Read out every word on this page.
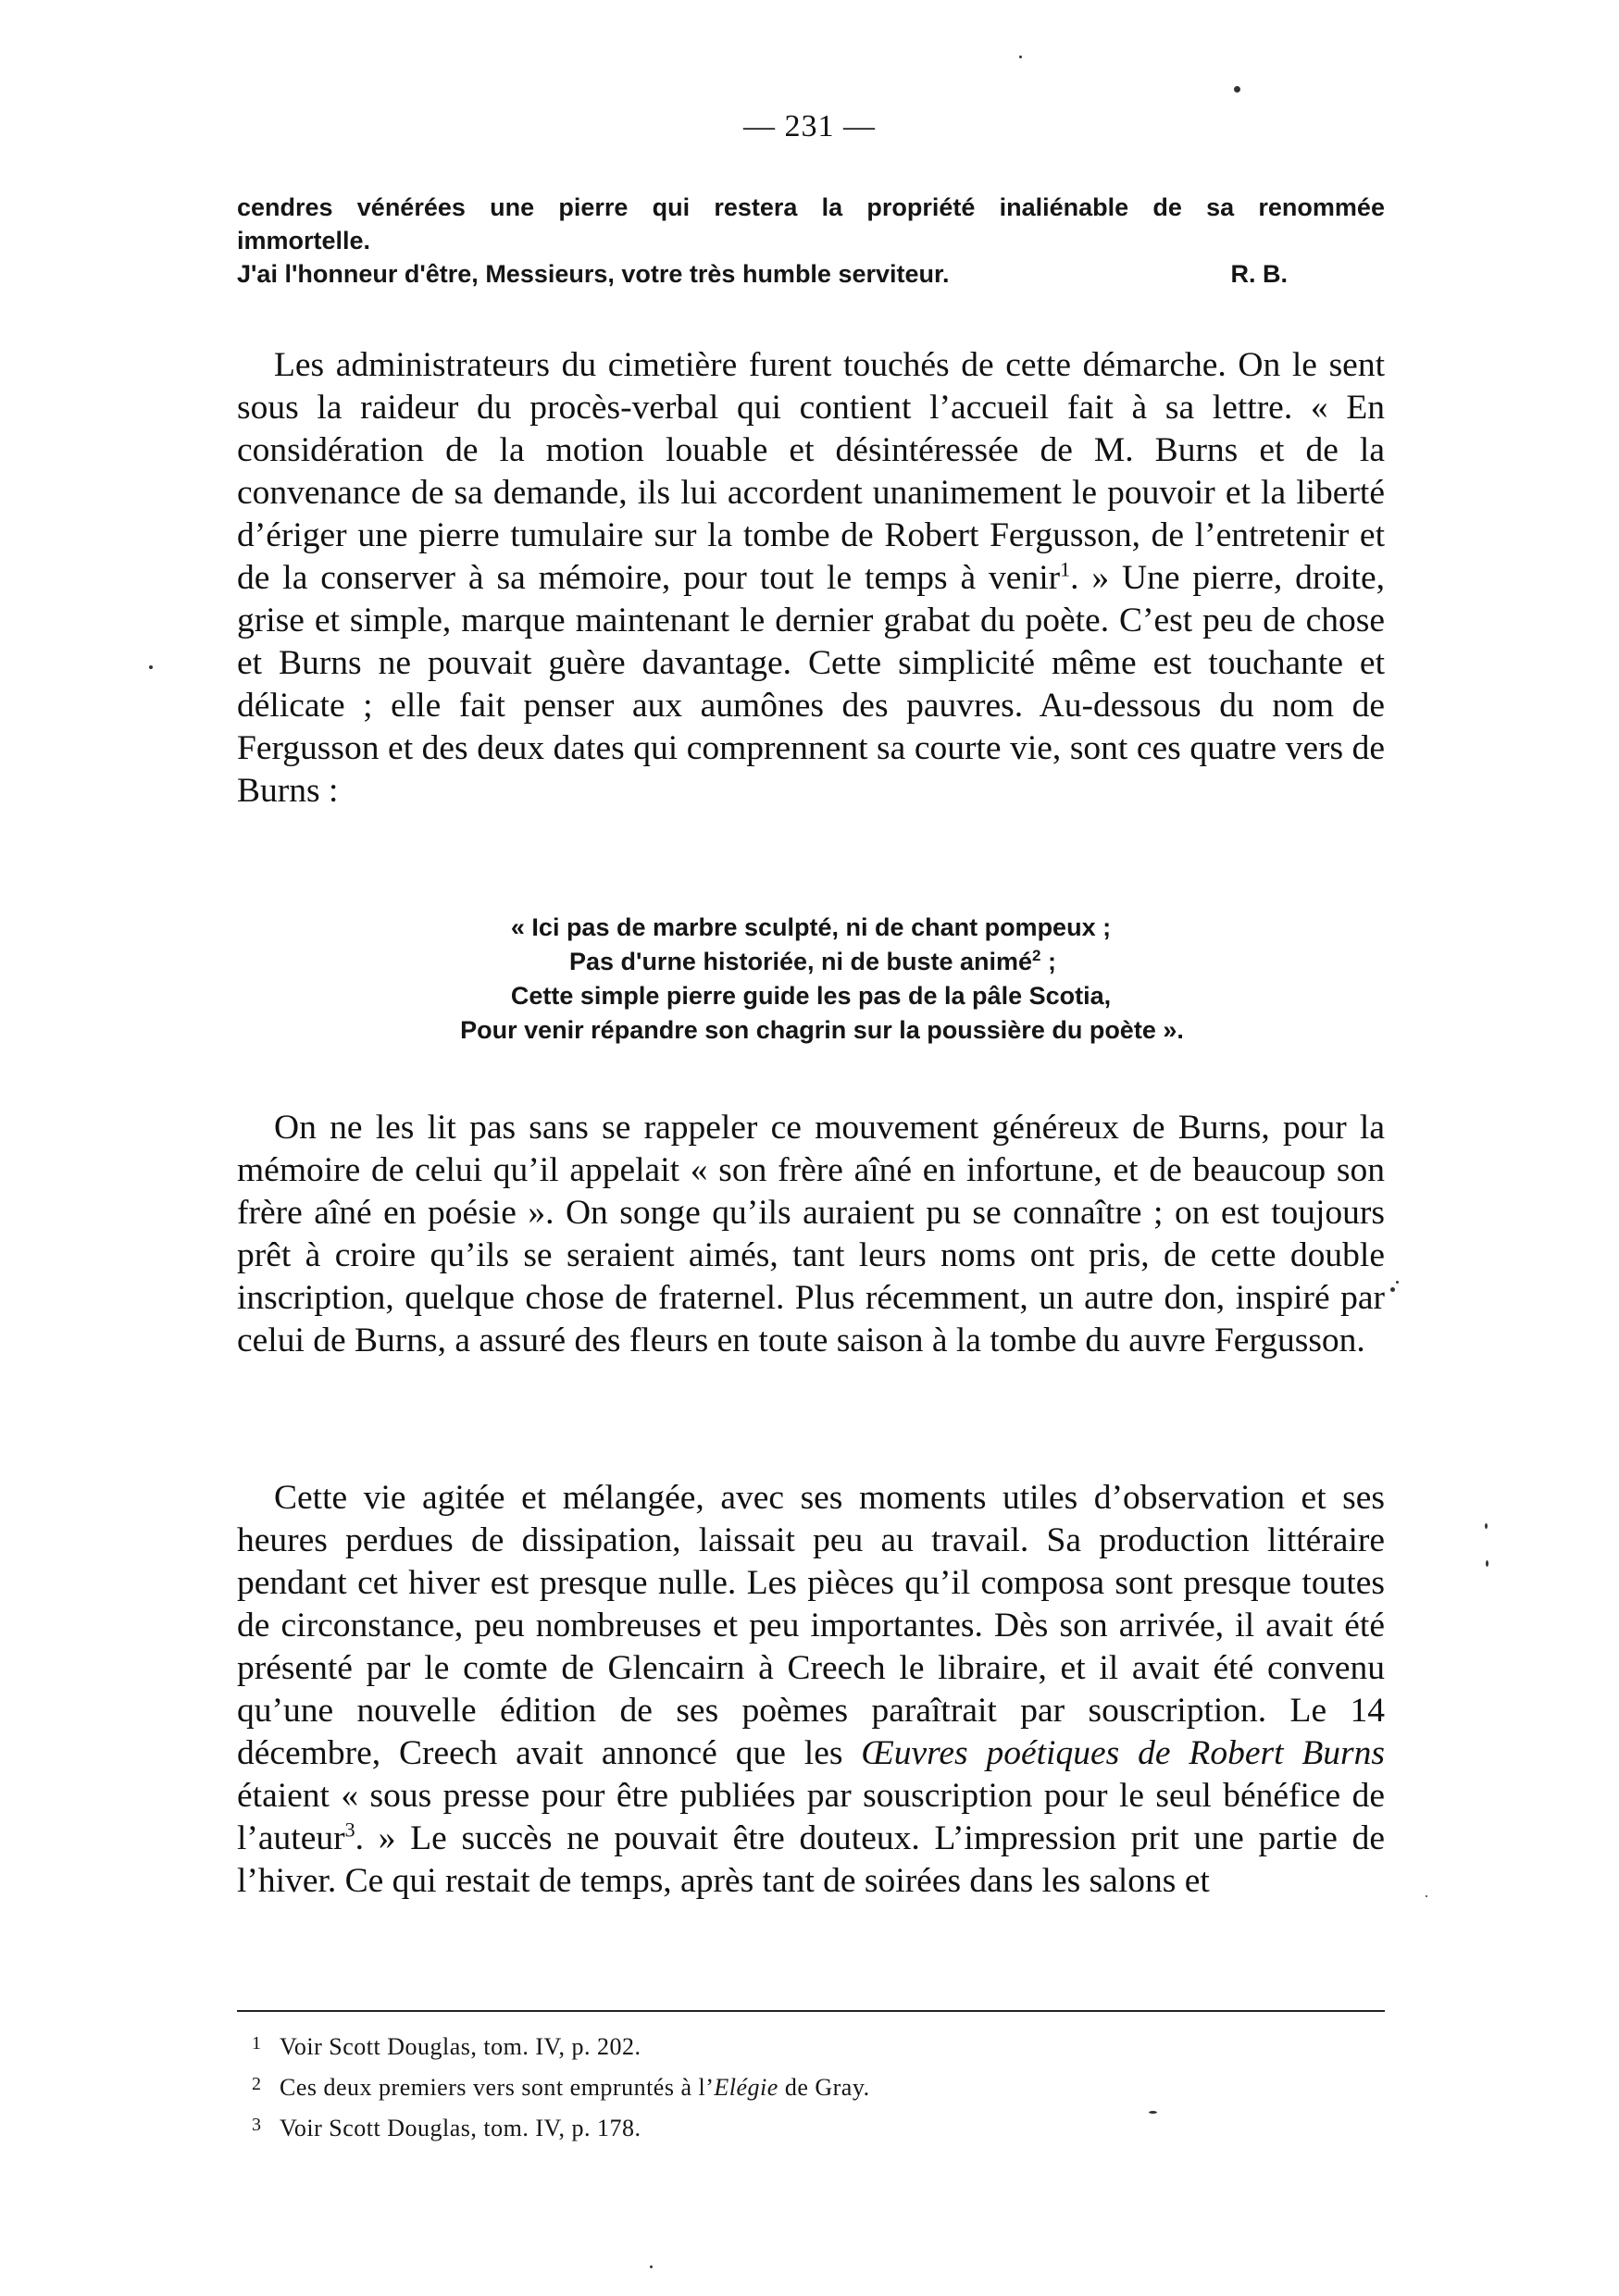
— 231 —
cendres vénérées une pierre qui restera la propriété inaliénable de sa renommée
immortelle.
J'ai l'honneur d'être, Messieurs, votre très humble serviteur.	R. B.

Les administrateurs du cimetière furent touchés de cette démarche. On le sent sous la raideur du procès-verbal qui contient l’accueil fait à sa lettre. « En considération de la motion louable et désintéressée de M. Burns et de la convenance de sa demande, ils lui accordent unanimement le pouvoir et la liberté d’ériger une pierre tumulaire sur la tombe de Robert Fergusson, de l’entretenir et de la conserver à sa mémoire, pour tout le temps à venir$^1$. » Une pierre, droite, grise et simple, marque maintenant le dernier grabat du poète. C’est peu de chose et Burns ne pouvait guère davantage. Cette simplicité même est touchante et délicate ; elle fait penser aux aumônes des pauvres. Au-dessous du nom de Fergusson et des deux dates qui comprennent sa courte vie, sont ces quatre vers de Burns :

« Ici pas de marbre sculpté, ni de chant pompeux ;
Pas d'urne historiée, ni de buste animé$^2$ ;
Cette simple pierre guide les pas de la pâle Scotia,
Pour venir répandre son chagrin sur la poussière du poète ».

On ne les lit pas sans se rappeler ce mouvement généreux de Burns, pour la mémoire de celui qu’il appelait « son frère aîné en infortune, et de beaucoup son frère aîné en poésie ». On songe qu’ils auraient pu se connaître ; on est toujours prêt à croire qu’ils se seraient aimés, tant leurs noms ont pris, de cette double inscription, quelque chose de fraternel. Plus récemment, un autre don, inspiré par celui de Burns, a assuré des fleurs en toute saison à la tombe du auvre Fergusson.

Cette vie agitée et mélangée, avec ses moments utiles d’observation et ses heures perdues de dissipation, laissait peu au travail. Sa production littéraire pendant cet hiver est presque nulle. Les pièces qu’il composa sont presque toutes de circonstance, peu nombreuses et peu importantes. Dès son arrivée, il avait été présenté par le comte de Glencairn à Creech le libraire, et il avait été convenu qu’une nouvelle édition de ses poèmes paraîtrait par souscription. Le 14 décembre, Creech avait annoncé que les Œuvres poétiques de Robert Burns étaient « sous presse pour être publiées par souscription pour le seul bénéfice de l’auteur$^3$. » Le succès ne pouvait être douteux. L’impression prit une partie de l’hiver. Ce qui restait de temps, après tant de soirées dans les salons et

1 Voir Scott Douglas, tom. IV, p. 202.
2 Ces deux premiers vers sont empruntés à l’Elégie de Gray.
3 Voir Scott Douglas, tom. IV, p. 178.
